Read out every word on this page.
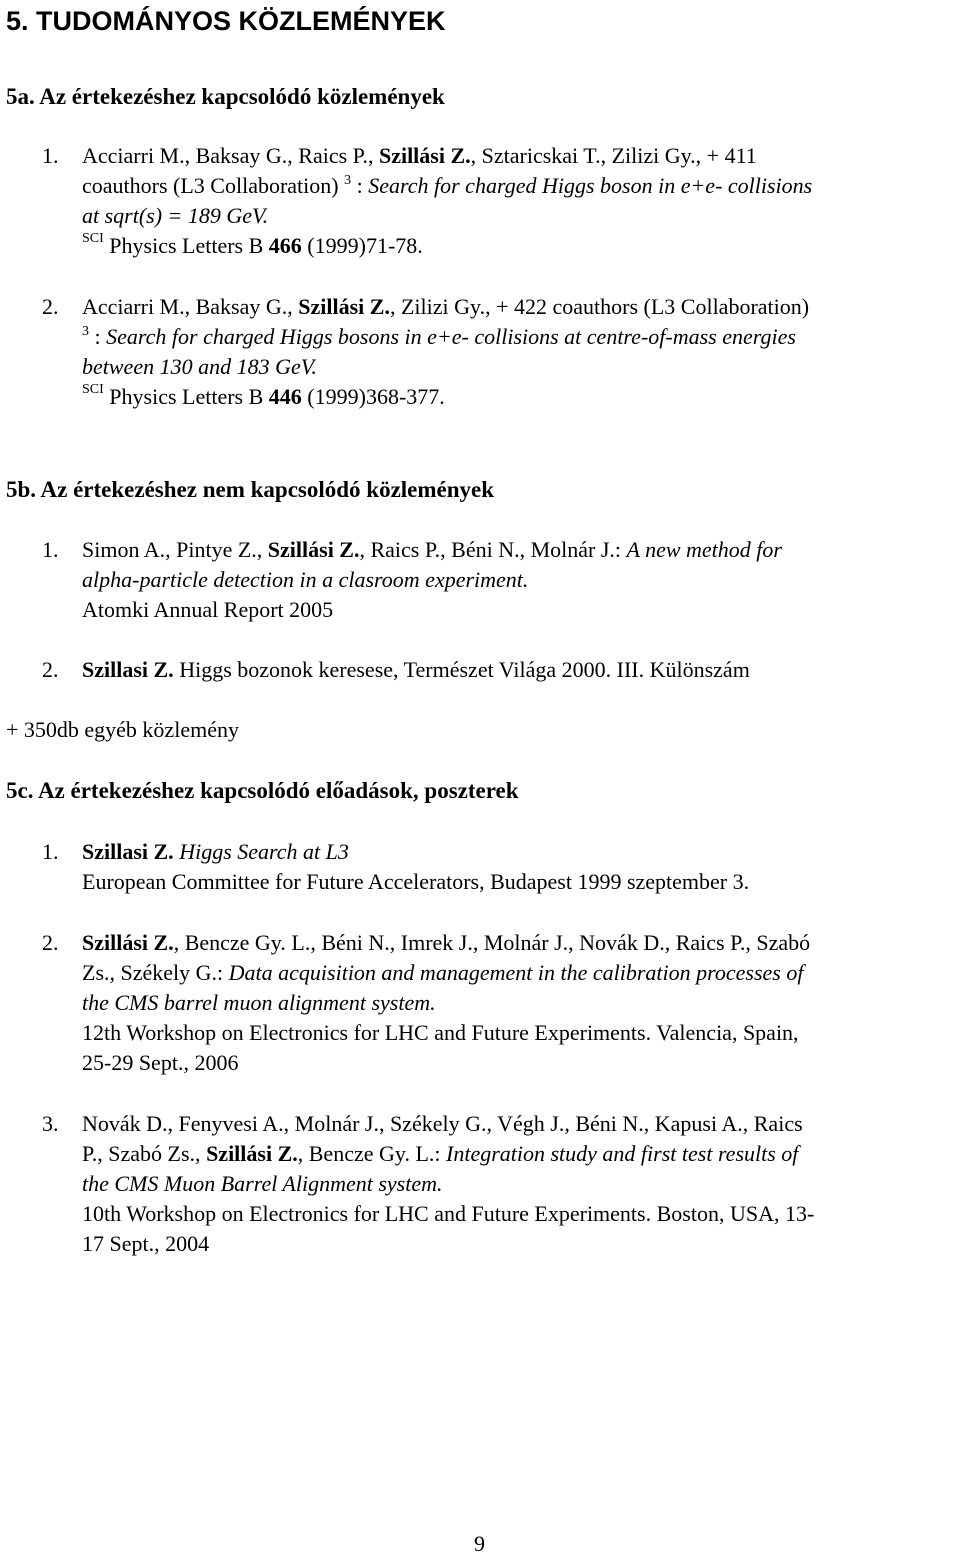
5. TUDOMÁNYOS KÖZLEMÉNYEK
5a. Az értekezéshez kapcsolódó közlemények
1. Acciarri M., Baksay G., Raics P., Szillási Z., Sztaricskai T., Zilizi Gy., + 411
coauthors (L3 Collaboration) $^3$ : Search for charged Higgs boson in e+e- collisions
at sqrt(s) = 189 GeV.
$^{SCI}$ Physics Letters B 466 (1999)71-78.
2. Acciarri M., Baksay G., Szillási Z., Zilizi Gy., + 422 coauthors (L3 Collaboration)
$^3$ : Search for charged Higgs bosons in e+e- collisions at centre-of-mass energies
between 130 and 183 GeV.
$^{SCI}$ Physics Letters B 446 (1999)368-377.
5b. Az értekezéshez nem kapcsolódó közlemények
1. Simon A., Pintye Z., Szillási Z., Raics P., Béni N., Molnár J.: A new method for
alpha-particle detection in a clasroom experiment.
Atomki Annual Report 2005
2. Szillasi Z. Higgs bozonok keresese, Természet Világa 2000. III. Különszám
+ 350db egyéb közlemény
5c. Az értekezéshez kapcsolódó előadások, poszterek
1. Szillasi Z. Higgs Search at L3
European Committee for Future Accelerators, Budapest 1999 szeptember 3.
2. Szillási Z., Bencze Gy. L., Béni N., Imrek J., Molnár J., Novák D., Raics P., Szabó
Zs., Székely G.: Data acquisition and management in the calibration processes of
the CMS barrel muon alignment system.
12th Workshop on Electronics for LHC and Future Experiments. Valencia, Spain,
25-29 Sept., 2006
3. Novák D., Fenyvesi A., Molnár J., Székely G., Végh J., Béni N., Kapusi A., Raics
P., Szabó Zs., Szillási Z., Bencze Gy. L.: Integration study and first test results of
the CMS Muon Barrel Alignment system.
10th Workshop on Electronics for LHC and Future Experiments. Boston, USA, 13-
17 Sept., 2004
9
